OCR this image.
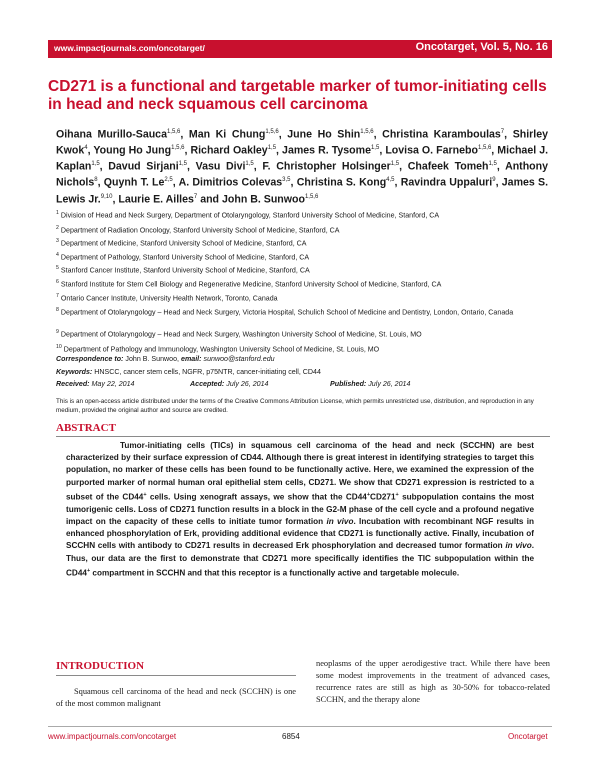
www.impactjournals.com/oncotarget/	Oncotarget, Vol. 5, No. 16
CD271 is a functional and targetable marker of tumor-initiating cells in head and neck squamous cell carcinoma
Oihana Murillo-Sauca$^{1,5,6}$, Man Ki Chung$^{1,5,6}$, June Ho Shin$^{1,5,6}$, Christina Karamboulas$^7$, Shirley Kwok$^4$, Young Ho Jung$^{1,5,6}$, Richard Oakley$^{1,5}$, James R. Tysome$^{1,5}$, Lovisa O. Farnebo$^{1,5,6}$, Michael J. Kaplan$^{1,5}$, Davud Sirjani$^{1,5}$, Vasu Divi$^{1,5}$, F. Christopher Holsinger$^{1,5}$, Chafeek Tomeh$^{1,5}$, Anthony Nichols$^8$, Quynh T. Le$^{2,5}$, A. Dimitrios Colevas$^{3,5}$, Christina S. Kong$^{4,5}$, Ravindra Uppaluri$^9$, James S. Lewis Jr.$^{9,10}$, Laurie E. Ailles$^7$ and John B. Sunwoo$^{1,5,6}$
$^1$ Division of Head and Neck Surgery, Department of Otolaryngology, Stanford University School of Medicine, Stanford, CA
$^2$ Department of Radiation Oncology, Stanford University School of Medicine, Stanford, CA
$^3$ Department of Medicine, Stanford University School of Medicine, Stanford, CA
$^4$ Department of Pathology, Stanford University School of Medicine, Stanford, CA
$^5$ Stanford Cancer Institute, Stanford University School of Medicine, Stanford, CA
$^6$ Stanford Institute for Stem Cell Biology and Regenerative Medicine, Stanford University School of Medicine, Stanford, CA
$^7$ Ontario Cancer Institute, University Health Network, Toronto, Canada
$^8$ Department of Otolaryngology – Head and Neck Surgery, Victoria Hospital, Schulich School of Medicine and Dentistry, London, Ontario, Canada
$^9$ Department of Otolaryngology – Head and Neck Surgery, Washington University School of Medicine, St. Louis, MO
$^{10}$ Department of Pathology and Immunology, Washington University School of Medicine, St. Louis, MO
Correspondence to: John B. Sunwoo, email: sunwoo@stanford.edu
Keywords: HNSCC, cancer stem cells, NGFR, p75NTR, cancer-initiating cell, CD44
Received: May 22, 2014	Accepted: July 26, 2014	Published: July 26, 2014
This is an open-access article distributed under the terms of the Creative Commons Attribution License, which permits unrestricted use, distribution, and reproduction in any medium, provided the original author and source are credited.
ABSTRACT

Tumor-initiating cells (TICs) in squamous cell carcinoma of the head and neck (SCCHN) are best characterized by their surface expression of CD44. Although there is great interest in identifying strategies to target this population, no marker of these cells has been found to be functionally active. Here, we examined the expression of the purported marker of normal human oral epithelial stem cells, CD271. We show that CD271 expression is restricted to a subset of the CD44+ cells. Using xenograft assays, we show that the CD44+CD271+ subpopulation contains the most tumorigenic cells. Loss of CD271 function results in a block in the G2-M phase of the cell cycle and a profound negative impact on the capacity of these cells to initiate tumor formation in vivo. Incubation with recombinant NGF results in enhanced phosphorylation of Erk, providing additional evidence that CD271 is functionally active. Finally, incubation of SCCHN cells with antibody to CD271 results in decreased Erk phosphorylation and decreased tumor formation in vivo. Thus, our data are the first to demonstrate that CD271 more specifically identifies the TIC subpopulation within the CD44+ compartment in SCCHN and that this receptor is a functionally active and targetable molecule.

INTRODUCTION

Squamous cell carcinoma of the head and neck (SCCHN) is one of the most common malignant

neoplasms of the upper aerodigestive tract. While there have been some modest improvements in the treatment of advanced cases, recurrence rates are still as high as 30-50% for tobacco-related SCCHN, and the therapy alone

www.impactjournals.com/oncotarget	6854	Oncotarget
